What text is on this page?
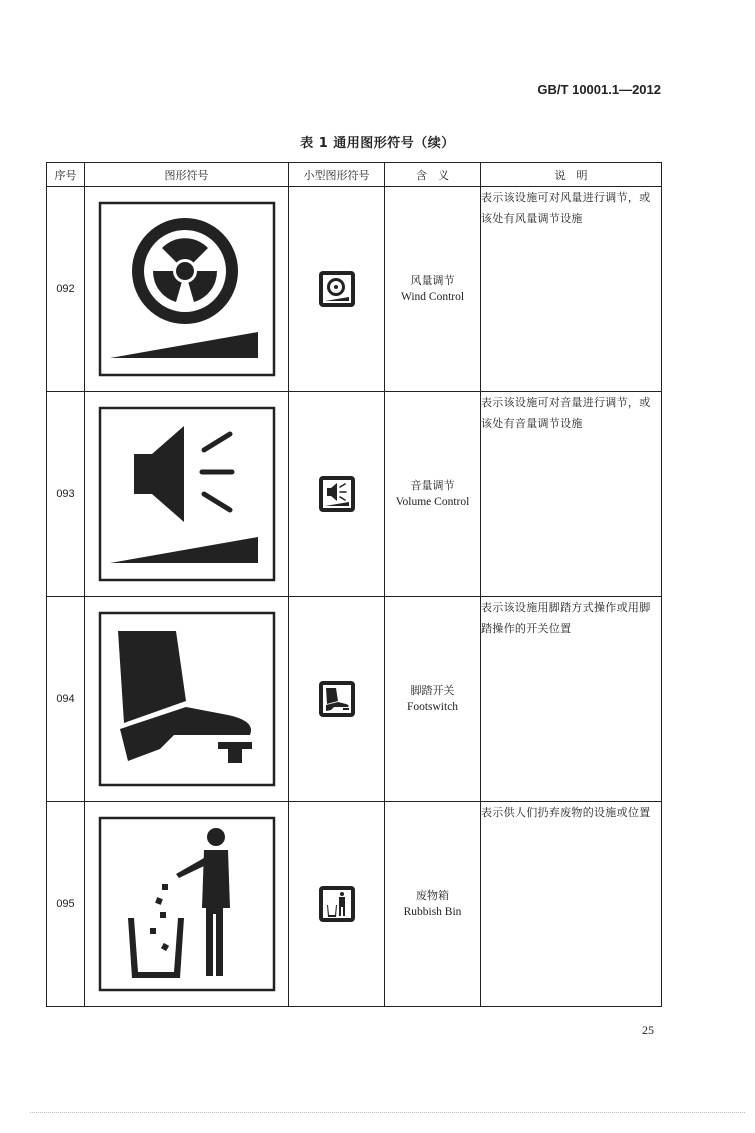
GB/T 10001.1—2012
表 1 通用图形符号（续）
序号	图形符号	小型图形符号	含　义	说　明
092			风量调节
Wind Control	表示该设施可对风量进行调节，或该处有风量调节设施
093			音量调节
Volume Control	表示该设施可对音量进行调节，或该处有音量调节设施
094			脚踏开关
Footswitch	表示该设施用脚踏方式操作或用脚踏操作的开关位置
095			废物箱
Rubbish Bin	表示供人们扔弃废物的设施或位置
25
